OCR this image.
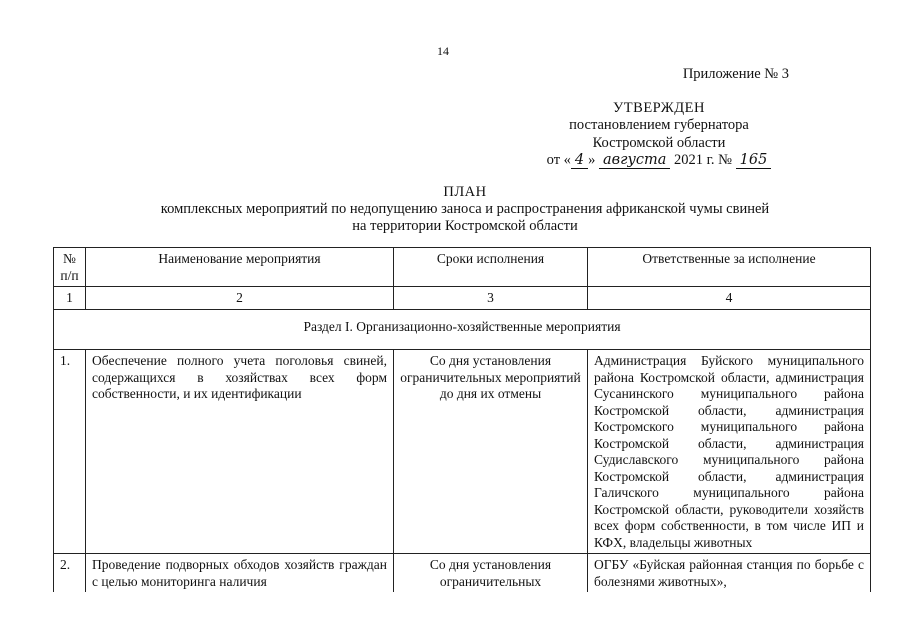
14
Приложение № 3
УТВЕРЖДЕН
постановлением губернатора
Костромской области
от « 4 » августа 2021 г. № 165
ПЛАН
комплексных мероприятий по недопущению заноса и распространения африканской чумы свиней
на территории Костромской области
№ п/п	Наименование мероприятия	Сроки исполнения	Ответственные за исполнение
1	2	3	4
Раздел I. Организационно-хозяйственные мероприятия			
1.	Обеспечение полного учета поголовья свиней, содержащихся в хозяйствах всех форм собственности, и их идентификации	Со дня установления ограничительных мероприятий до дня их отмены	Администрация Буйского муниципального района Костромской области, администрация Сусанинского муниципального района Костромской области, администрация Костромского муниципального района Костромской области, администрация Судиславского муниципального района Костромской области, администрация Галичского муниципального района Костромской области, руководители хозяйств всех форм собственности, в том числе ИП и КФХ, владельцы животных
2.	Проведение подворных обходов хозяйств граждан с целью мониторинга наличия	Со дня установления ограничительных	ОГБУ «Буйская районная станция по борьбе с болезнями животных»,
